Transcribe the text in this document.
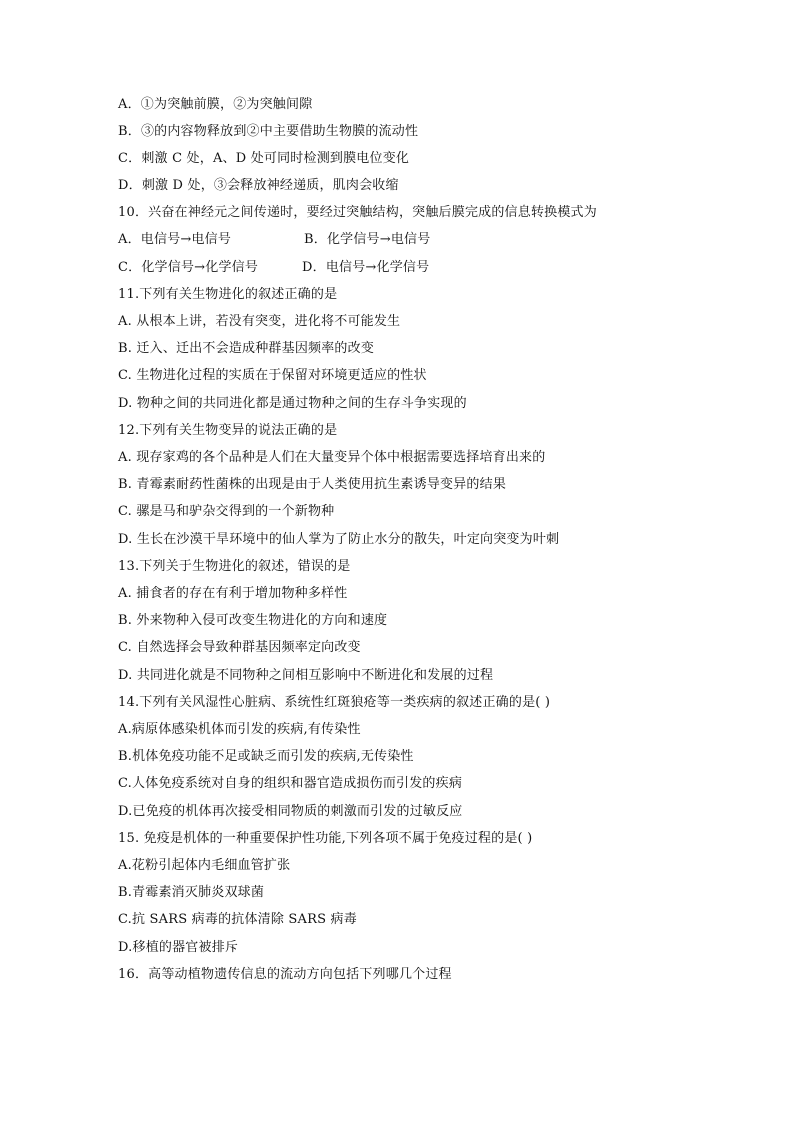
A．①为突触前膜，②为突触间隙
B．③的内容物释放到②中主要借助生物膜的流动性
C．刺激 C 处，A、D 处可同时检测到膜电位变化
D．刺激 D 处，③会释放神经递质，肌肉会收缩
10．兴奋在神经元之间传递时，要经过突触结构，突触后膜完成的信息转换模式为
A．电信号→电信号	B．化学信号→电信号
C．化学信号→化学信号	D．电信号→化学信号
11.下列有关生物进化的叙述正确的是
A. 从根本上讲，若没有突变，进化将不可能发生
B. 迁入、迁出不会造成种群基因频率的改变
C. 生物进化过程的实质在于保留对环境更适应的性状
D. 物种之间的共同进化都是通过物种之间的生存斗争实现的
12.下列有关生物变异的说法正确的是
A. 现存家鸡的各个品种是人们在大量变异个体中根据需要选择培育出来的
B. 青霉素耐药性菌株的出现是由于人类使用抗生素诱导变异的结果
C. 骡是马和驴杂交得到的一个新物种
D. 生长在沙漠干旱环境中的仙人掌为了防止水分的散失，叶定向突变为叶刺
13.下列关于生物进化的叙述，错误的是
A. 捕食者的存在有利于增加物种多样性
B. 外来物种入侵可改变生物进化的方向和速度
C. 自然选择会导致种群基因频率定向改变
D. 共同进化就是不同物种之间相互影响中不断进化和发展的过程
14.下列有关风湿性心脏病、系统性红斑狼疮等一类疾病的叙述正确的是( )
A.病原体感染机体而引发的疾病,有传染性
B.机体免疫功能不足或缺乏而引发的疾病,无传染性
C.人体免疫系统对自身的组织和器官造成损伤而引发的疾病
D.已免疫的机体再次接受相同物质的刺激而引发的过敏反应
15. 免疫是机体的一种重要保护性功能,下列各项不属于免疫过程的是( )
A.花粉引起体内毛细血管扩张
B.青霉素消灭肺炎双球菌
C.抗 SARS 病毒的抗体清除 SARS 病毒
D.移植的器官被排斥
16．高等动植物遗传信息的流动方向包括下列哪几个过程
